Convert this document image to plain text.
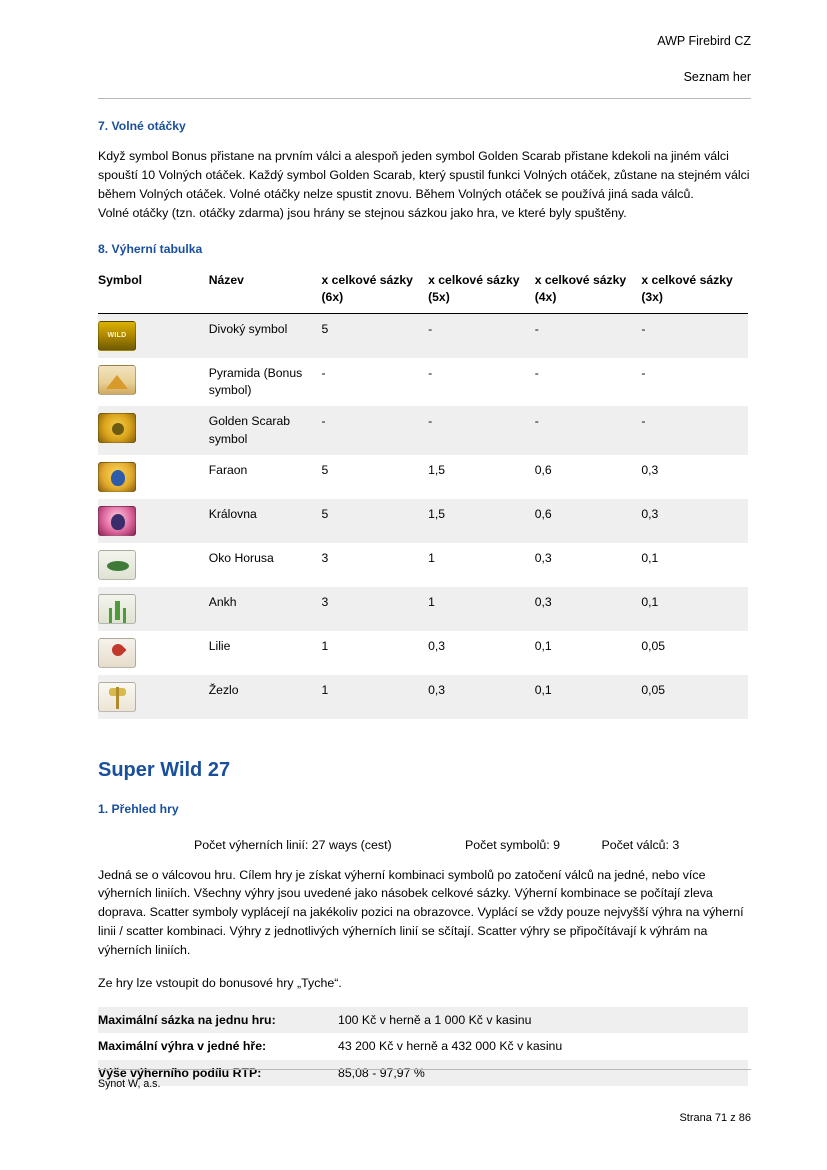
AWP Firebird CZ
Seznam her
7. Volné otáčky

Když symbol Bonus přistane na prvním válci a alespoň jeden symbol Golden Scarab přistane kdekoli na jiném válci spouští 10 Volných otáček. Každý symbol Golden Scarab, který spustil funkci Volných otáček, zůstane na stejném válci během Volných otáček. Volné otáčky nelze spustit znovu. Během Volných otáček se používá jiná sada válců.

Volné otáčky (tzn. otáčky zdarma) jsou hrány se stejnou sázkou jako hra, ve které byly spuštěny.

8. Výherní tabulka
Symbol	Název	x celkové sázky (6x)	x celkové sázky (5x)	x celkové sázky (4x)	x celkové sázky (3x)

WILD
	Divoký symbol	5	-	-	-

	Pyramida (Bonus symbol)	-	-	-	-

	Golden Scarab symbol	-	-	-	-

	Faraon	5	1,5	0,6	0,3

	Královna	5	1,5	0,6	0,3

	Oko Horusa	3	1	0,3	0,1

	Ankh	3	1	0,3	0,1

	Lilie	1	0,3	0,1	0,05

	Žezlo	1	0,3	0,1	0,05
Super Wild 27
1. Přehled hry
Počet výherních linií: 27 ways (cest)	Počet symbolů: 9	Počet válců: 3

Jedná se o válcovou hru. Cílem hry je získat výherní kombinaci symbolů po zatočení válců na jedné, nebo více výherních liniích. Všechny výhry jsou uvedené jako násobek celkové sázky. Výherní kombinace se počítají zleva doprava. Scatter symboly vyplácejí na jakékoliv pozici na obrazovce. Vyplácí se vždy pouze nejvyšší výhra na výherní linii / scatter kombinaci. Výhry z jednotlivých výherních linií se sčítají. Scatter výhry se připočítávají k výhrám na výherních liniích.

Ze hry lze vstoupit do bonusové hry „Tyche“.

Maximální sázka na jednu hru:	100 Kč v herně a 1 000 Kč v kasinu
Maximální výhra v jedné hře:	43 200 Kč v herně a 432 000 Kč v kasinu
Výše výherního podílu RTP:	85,08 - 97,97 %
Synot W, a.s.
Strana 71 z 86
